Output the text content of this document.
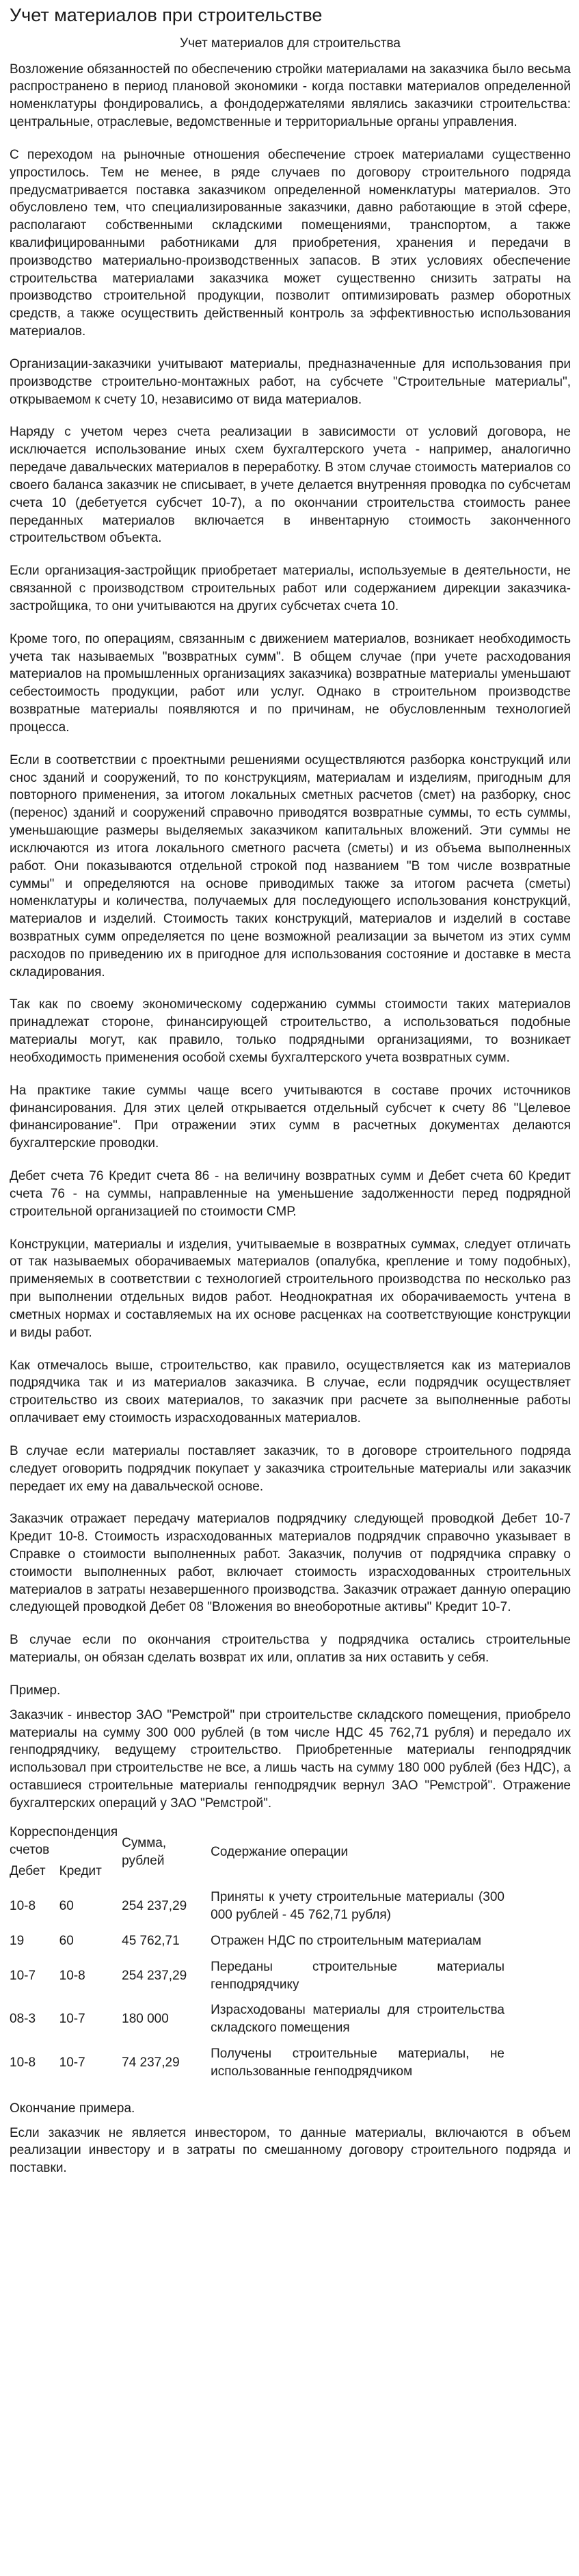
Учет материалов при строительстве
Учет материалов для строительства

Возложение обязанностей по обеспечению стройки материалами на заказчика было весьма распространено в период плановой экономики - когда поставки материалов определенной номенклатуры фондировались, а фондодержателями являлись заказчики строительства: центральные, отраслевые, ведомственные и территориальные органы управления.

С переходом на рыночные отношения обеспечение строек материалами существенно упростилось. Тем не менее, в ряде случаев по договору строительного подряда предусматривается поставка заказчиком определенной номенклатуры материалов. Это обусловлено тем, что специализированные заказчики, давно работающие в этой сфере, располагают собственными складскими помещениями, транспортом, а также квалифицированными работниками для приобретения, хранения и передачи в производство материально-производственных запасов. В этих условиях обеспечение строительства материалами заказчика может существенно снизить затраты на производство строительной продукции, позволит оптимизировать размер оборотных средств, а также осуществить действенный контроль за эффективностью использования материалов.

Организации-заказчики учитывают материалы, предназначенные для использования при производстве строительно-монтажных работ, на субсчете "Строительные материалы", открываемом к счету 10, независимо от вида материалов.

Наряду с учетом через счета реализации в зависимости от условий договора, не исключается использование иных схем бухгалтерского учета - например, аналогично передаче давальческих материалов в переработку. В этом случае стоимость материалов со своего баланса заказчик не списывает, в учете делается внутренняя проводка по субсчетам счета 10 (дебетуется субсчет 10-7), а по окончании строительства стоимость ранее переданных материалов включается в инвентарную стоимость законченного строительством объекта.

Если организация-застройщик приобретает материалы, используемые в деятельности, не связанной с производством строительных работ или содержанием дирекции заказчика-застройщика, то они учитываются на других субсчетах счета 10.

Кроме того, по операциям, связанным с движением материалов, возникает необходимость учета так называемых "возвратных сумм". В общем случае (при учете расходования материалов на промышленных организациях заказчика) возвратные материалы уменьшают себестоимость продукции, работ или услуг. Однако в строительном производстве возвратные материалы появляются и по причинам, не обусловленным технологией процесса.

Если в соответствии с проектными решениями осуществляются разборка конструкций или снос зданий и сооружений, то по конструкциям, материалам и изделиям, пригодным для повторного применения, за итогом локальных сметных расчетов (смет) на разборку, снос (перенос) зданий и сооружений справочно приводятся возвратные суммы, то есть суммы, уменьшающие размеры выделяемых заказчиком капитальных вложений. Эти суммы не исключаются из итога локального сметного расчета (сметы) и из объема выполненных работ. Они показываются отдельной строкой под названием "В том числе возвратные суммы" и определяются на основе приводимых также за итогом расчета (сметы) номенклатуры и количества, получаемых для последующего использования конструкций, материалов и изделий. Стоимость таких конструкций, материалов и изделий в составе возвратных сумм определяется по цене возможной реализации за вычетом из этих сумм расходов по приведению их в пригодное для использования состояние и доставке в места складирования.

Так как по своему экономическому содержанию суммы стоимости таких материалов принадлежат стороне, финансирующей строительство, а использоваться подобные материалы могут, как правило, только подрядными организациями, то возникает необходимость применения особой схемы бухгалтерского учета возвратных сумм.

На практике такие суммы чаще всего учитываются в составе прочих источников финансирования. Для этих целей открывается отдельный субсчет к счету 86 "Целевое финансирование". При отражении этих сумм в расчетных документах делаются бухгалтерские проводки.

Дебет счета 76 Кредит счета 86 - на величину возвратных сумм и Дебет счета 60 Кредит счета 76 - на суммы, направленные на уменьшение задолженности перед подрядной строительной организацией по стоимости СМР.

Конструкции, материалы и изделия, учитываемые в возвратных суммах, следует отличать от так называемых оборачиваемых материалов (опалубка, крепление и тому подобных), применяемых в соответствии с технологией строительного производства по несколько раз при выполнении отдельных видов работ. Неоднократная их оборачиваемость учтена в сметных нормах и составляемых на их основе расценках на соответствующие конструкции и виды работ.

Как отмечалось выше, строительство, как правило, осуществляется как из материалов подрядчика так и из материалов заказчика. В случае, если подрядчик осуществляет строительство из своих материалов, то заказчик при расчете за выполненные работы оплачивает ему стоимость израсходованных материалов.

В случае если материалы поставляет заказчик, то в договоре строительного подряда следует оговорить подрядчик покупает у заказчика строительные материалы или заказчик передает их ему на давальческой основе.

Заказчик отражает передачу материалов подрядчику следующей проводкой Дебет 10-7 Кредит 10-8. Стоимость израсходованных материалов подрядчик справочно указывает в Справке о стоимости выполненных работ. Заказчик, получив от подрядчика справку о стоимости выполненных работ, включает стоимость израсходованных строительных материалов в затраты незавершенного производства. Заказчик отражает данную операцию следующей проводкой Дебет 08 "Вложения во внеоборотные активы" Кредит 10-7.

В случае если по окончания строительства у подрядчика остались строительные материалы, он обязан сделать возврат их или, оплатив за них оставить у себя.

Пример.

Заказчик - инвестор ЗАО "Ремстрой" при строительстве складского помещения, приобрело материалы на сумму 300 000 рублей (в том числе НДС 45 762,71 рубля) и передало их генподрядчику, ведущему строительство. Приобретенные материалы генподрядчик использовал при строительстве не все, а лишь часть на сумму 180 000 рублей (без НДС), а оставшиеся строительные материалы генподрядчик вернул ЗАО "Ремстрой". Отражение бухгалтерских операций у ЗАО "Ремстрой".

Корреспонденция счетов		Сумма, рублей	Содержание операции
Дебет	Кредит		
10-8	60	254 237,29	Приняты к учету строительные материалы (300 000 рублей - 45 762,71 рубля)
19	60	45 762,71	Отражен НДС по строительным материалам
10-7	10-8	254 237,29	Переданы строительные материалы генподрядчику
08-3	10-7	180 000	Израсходованы материалы для строительства складского помещения
10-8	10-7	74 237,29	Получены строительные материалы, не использованные генподрядчиком

Окончание примера.

Если заказчик не является инвестором, то данные материалы, включаются в объем реализации инвестору и в затраты по смешанному договору строительного подряда и поставки.
